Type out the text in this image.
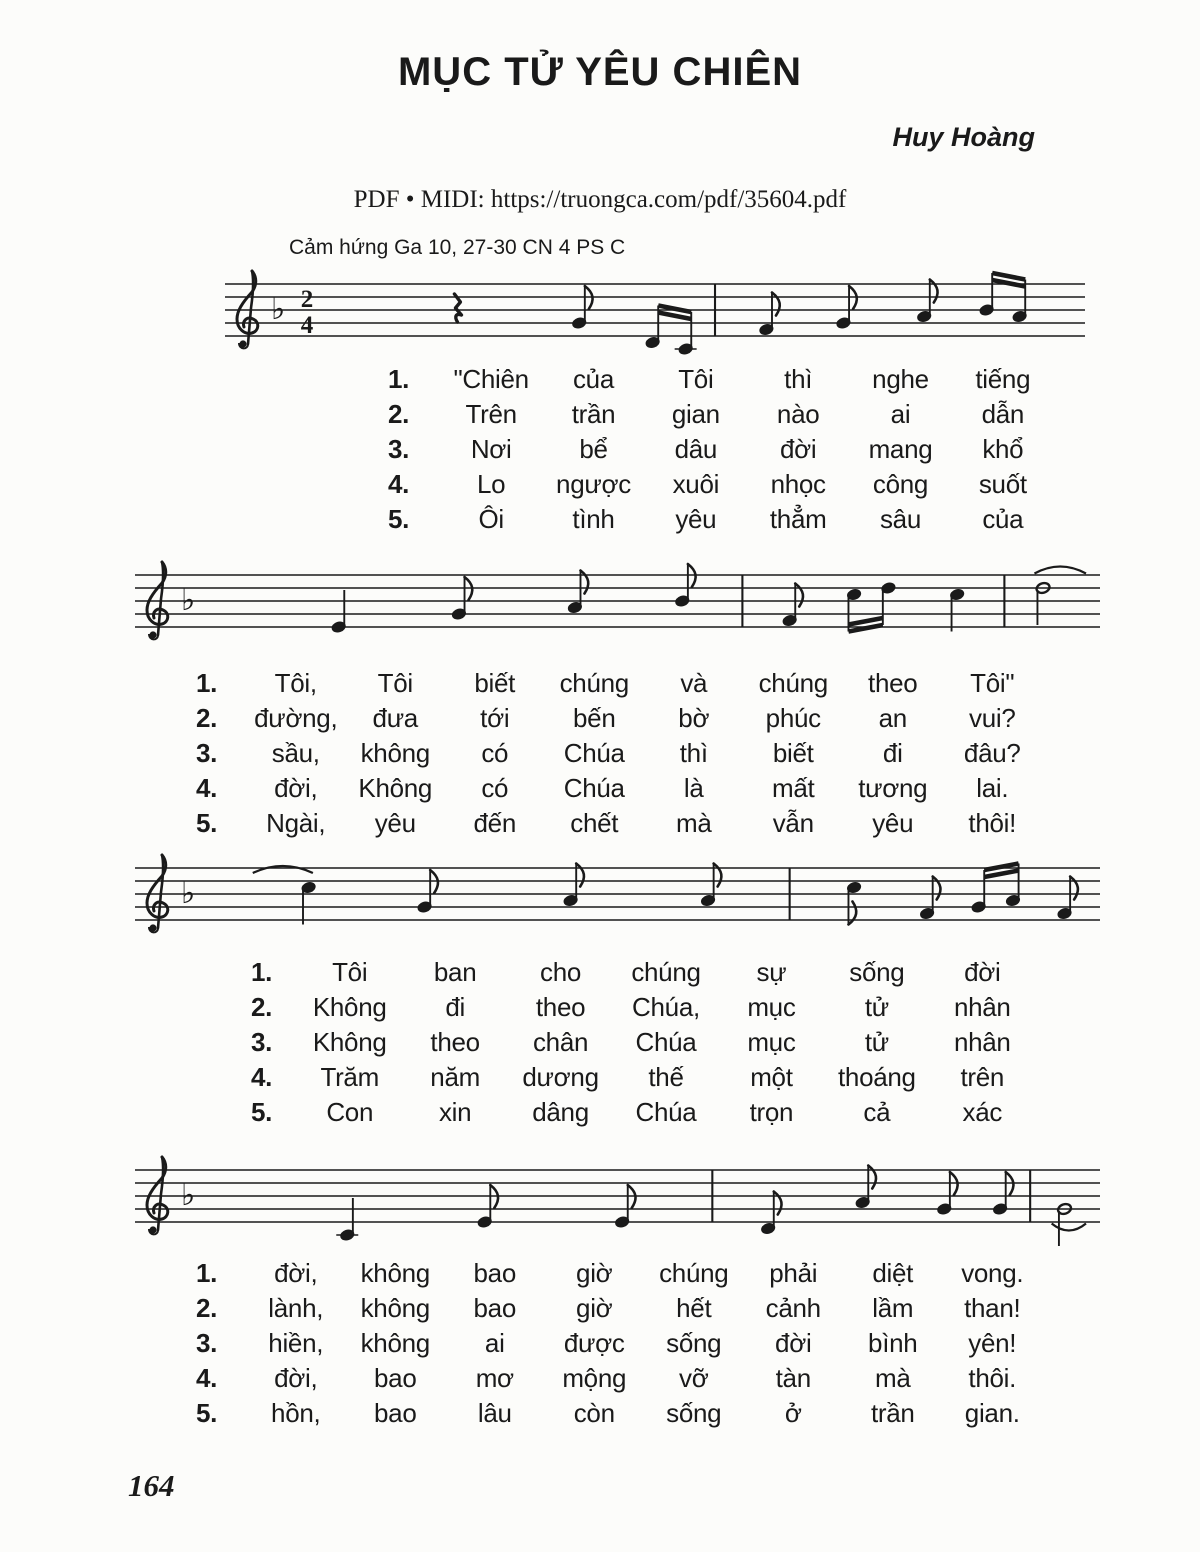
MỤC TỬ YÊU CHIÊN
Huy Hoàng
PDF • MIDI: https://truongca.com/pdf/35604.pdf
Cảm hứng Ga 10, 27-30 CN 4 PS C
♭ 2
4
♭
♭
♭
1.	"Chiên	của	Tôi	thì	nghe	tiếng
2.	Trên	trần	gian	nào	ai	dẫn
3.	Nơi	bể	dâu	đời	mang	khổ
4.	Lo	ngược	xuôi	nhọc	công	suốt
5.	Ôi	tình	yêu	thẳm	sâu	của
1.	Tôi,	Tôi	biết	chúng	và	chúng	theo	Tôi"
2.	đường,	đưa	tới	bến	bờ	phúc	an	vui?
3.	sầu,	không	có	Chúa	thì	biết	đi	đâu?
4.	đời,	Không	có	Chúa	là	mất	tương	lai.
5.	Ngài,	yêu	đến	chết	mà	vẫn	yêu	thôi!
1.	Tôi	ban	cho	chúng	sự	sống	đời
2.	Không	đi	theo	Chúa,	mục	tử	nhân
3.	Không	theo	chân	Chúa	mục	tử	nhân
4.	Trăm	năm	dương	thế	một	thoáng	trên
5.	Con	xin	dâng	Chúa	trọn	cả	xác
1.	đời,	không	bao	giờ	chúng	phải	diệt	vong.
2.	lành,	không	bao	giờ	hết	cảnh	lầm	than!
3.	hiền,	không	ai	được	sống	đời	bình	yên!
4.	đời,	bao	mơ	mộng	vỡ	tàn	mà	thôi.
5.	hồn,	bao	lâu	còn	sống	ở	trần	gian.
164
